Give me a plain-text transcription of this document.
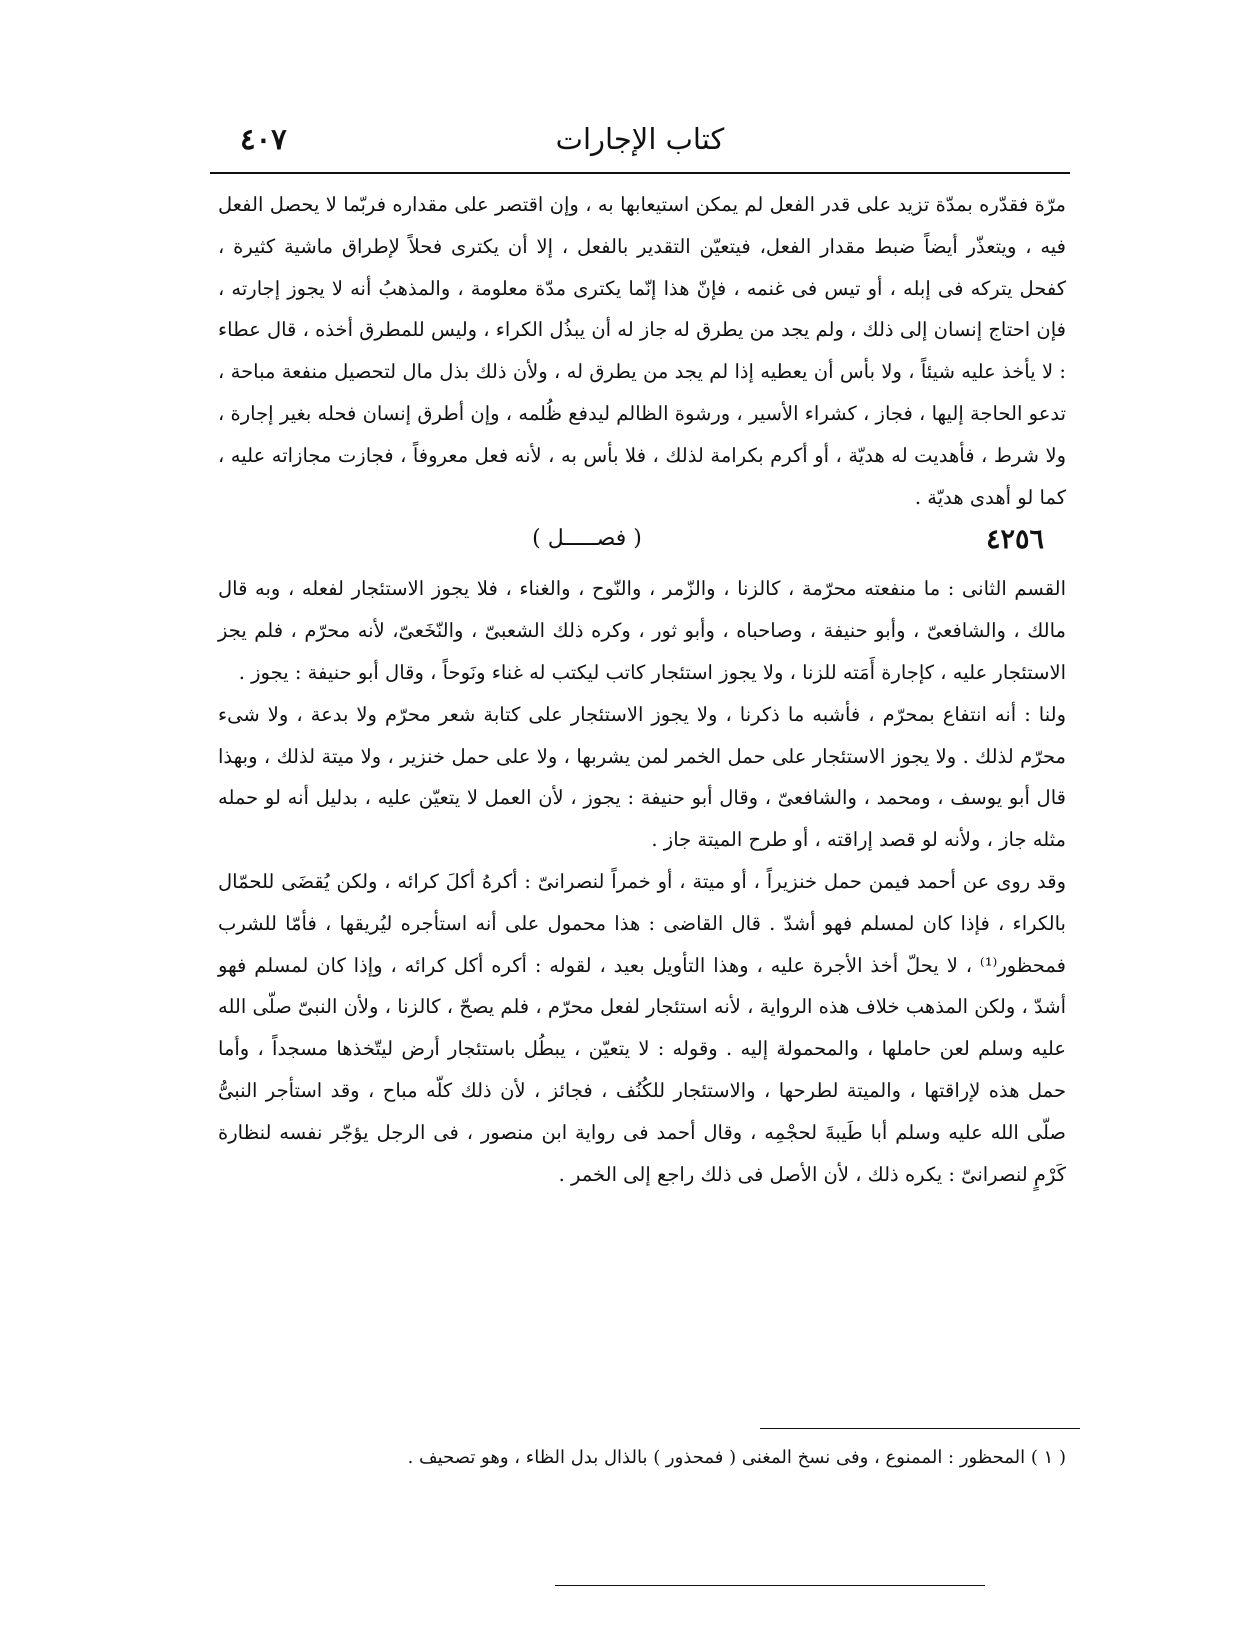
كتاب الإجارات
٤٠٧

مرّة فقدّره بمدّة تزيد على قدر الفعل لم يمكن استيعابها به ، وإن اقتصر على مقداره فربّما لا يحصل الفعل فيه ، ويتعذّر أيضاً ضبط مقدار الفعل، فيتعيّن التقدير بالفعل ، إلا أن يكترى فحلاً لإطراق ماشية كثيرة ، كفحل يتركه فى إبله ، أو تيس فى غنمه ، فإنّ هذا إنّما يكترى مدّة معلومة ، والمذهبُ أنه لا يجوز إجارته ، فإن احتاج إنسان إلى ذلك ، ولم يجد من يطرق له جاز له أن يبذُل الكراء ، وليس للمطرق أخذه ، قال عطاء : لا يأخذ عليه شيئاً ، ولا بأس أن يعطيه إذا لم يجد من يطرق له ، ولأن ذلك بذل مال لتحصيل منفعة مباحة ، تدعو الحاجة إليها ، فجاز ، كشراء الأسير ، ورشوة الظالم ليدفع ظُلمه ، وإن أطرق إنسان فحله بغير إجارة ، ولا شرط ، فأهديت له هديّة ، أو أكرم بكرامة لذلك ، فلا بأس به ، لأنه فعل معروفاً ، فجازت مجازاته عليه ، كما لو أهدى هديّة .

٤٢٥٦
( فصـــــل )

القسم الثانى : ما منفعته محرّمة ، كالزنا ، والزّمر ، والنّوح ، والغناء ، فلا يجوز الاستئجار لفعله ، وبه قال مالك ، والشافعىّ ، وأبو حنيفة ، وصاحباه ، وأبو ثور ، وكره ذلك الشعبىّ ، والنّخَعىّ، لأنه محرّم ، فلم يجز الاستئجار عليه ، كإجارة أَمَته للزنا ، ولا يجوز استئجار كاتب ليكتب له غناء ونَوحاً ، وقال أبو حنيفة : يجوز .

ولنا : أنه انتفاع بمحرّم ، فأشبه ما ذكرنا ، ولا يجوز الاستئجار على كتابة شعر محرّم ولا بدعة ، ولا شىء محرّم لذلك . ولا يجوز الاستئجار على حمل الخمر لمن يشربها ، ولا على حمل خنزير ، ولا ميتة لذلك ، وبهذا قال أبو يوسف ، ومحمد ، والشافعىّ ، وقال أبو حنيفة : يجوز ، لأن العمل لا يتعيّن عليه ، بدليل أنه لو حمله مثله جاز ، ولأنه لو قصد إراقته ، أو طرح الميتة جاز .

وقد روى عن أحمد فيمن حمل خنزيراً ، أو ميتة ، أو خمراً لنصرانىّ : أكرهُ أكلَ كرائه ، ولكن يُقضَى للحمّال بالكراء ، فإذا كان لمسلم فهو أشدّ . قال القاضى : هذا محمول على أنه استأجره ليُريقها ، فأمّا للشرب فمحظور⁽¹⁾ ، لا يحلّ أخذ الأجرة عليه ، وهذا التأويل بعيد ، لقوله : أكره أكل كرائه ، وإذا كان لمسلم فهو أشدّ ، ولكن المذهب خلاف هذه الرواية ، لأنه استئجار لفعل محرّم ، فلم يصحّ ، كالزنا ، ولأن النبىّ صلّى الله عليه وسلم لعن حاملها ، والمحمولة إليه . وقوله : لا يتعيّن ، يبطُل باستئجار أرض ليتّخذها مسجداً ، وأما حمل هذه لإراقتها ، والميتة لطرحها ، والاستئجار للكُنُف ، فجائز ، لأن ذلك كلّه مباح ، وقد استأجر النبىُّ صلّى الله عليه وسلم أبا طَيبةَ لحجْمِه ، وقال أحمد فى رواية ابن منصور ، فى الرجل يؤجّر نفسه لنظارة كَرْمٍ لنصرانىّ : يكره ذلك ، لأن الأصل فى ذلك راجع إلى الخمر .

( ١ ) المحظور : الممنوع ، وفى نسخ المغنى ( فمحذور ) بالذال بدل الظاء ، وهو تصحيف .
